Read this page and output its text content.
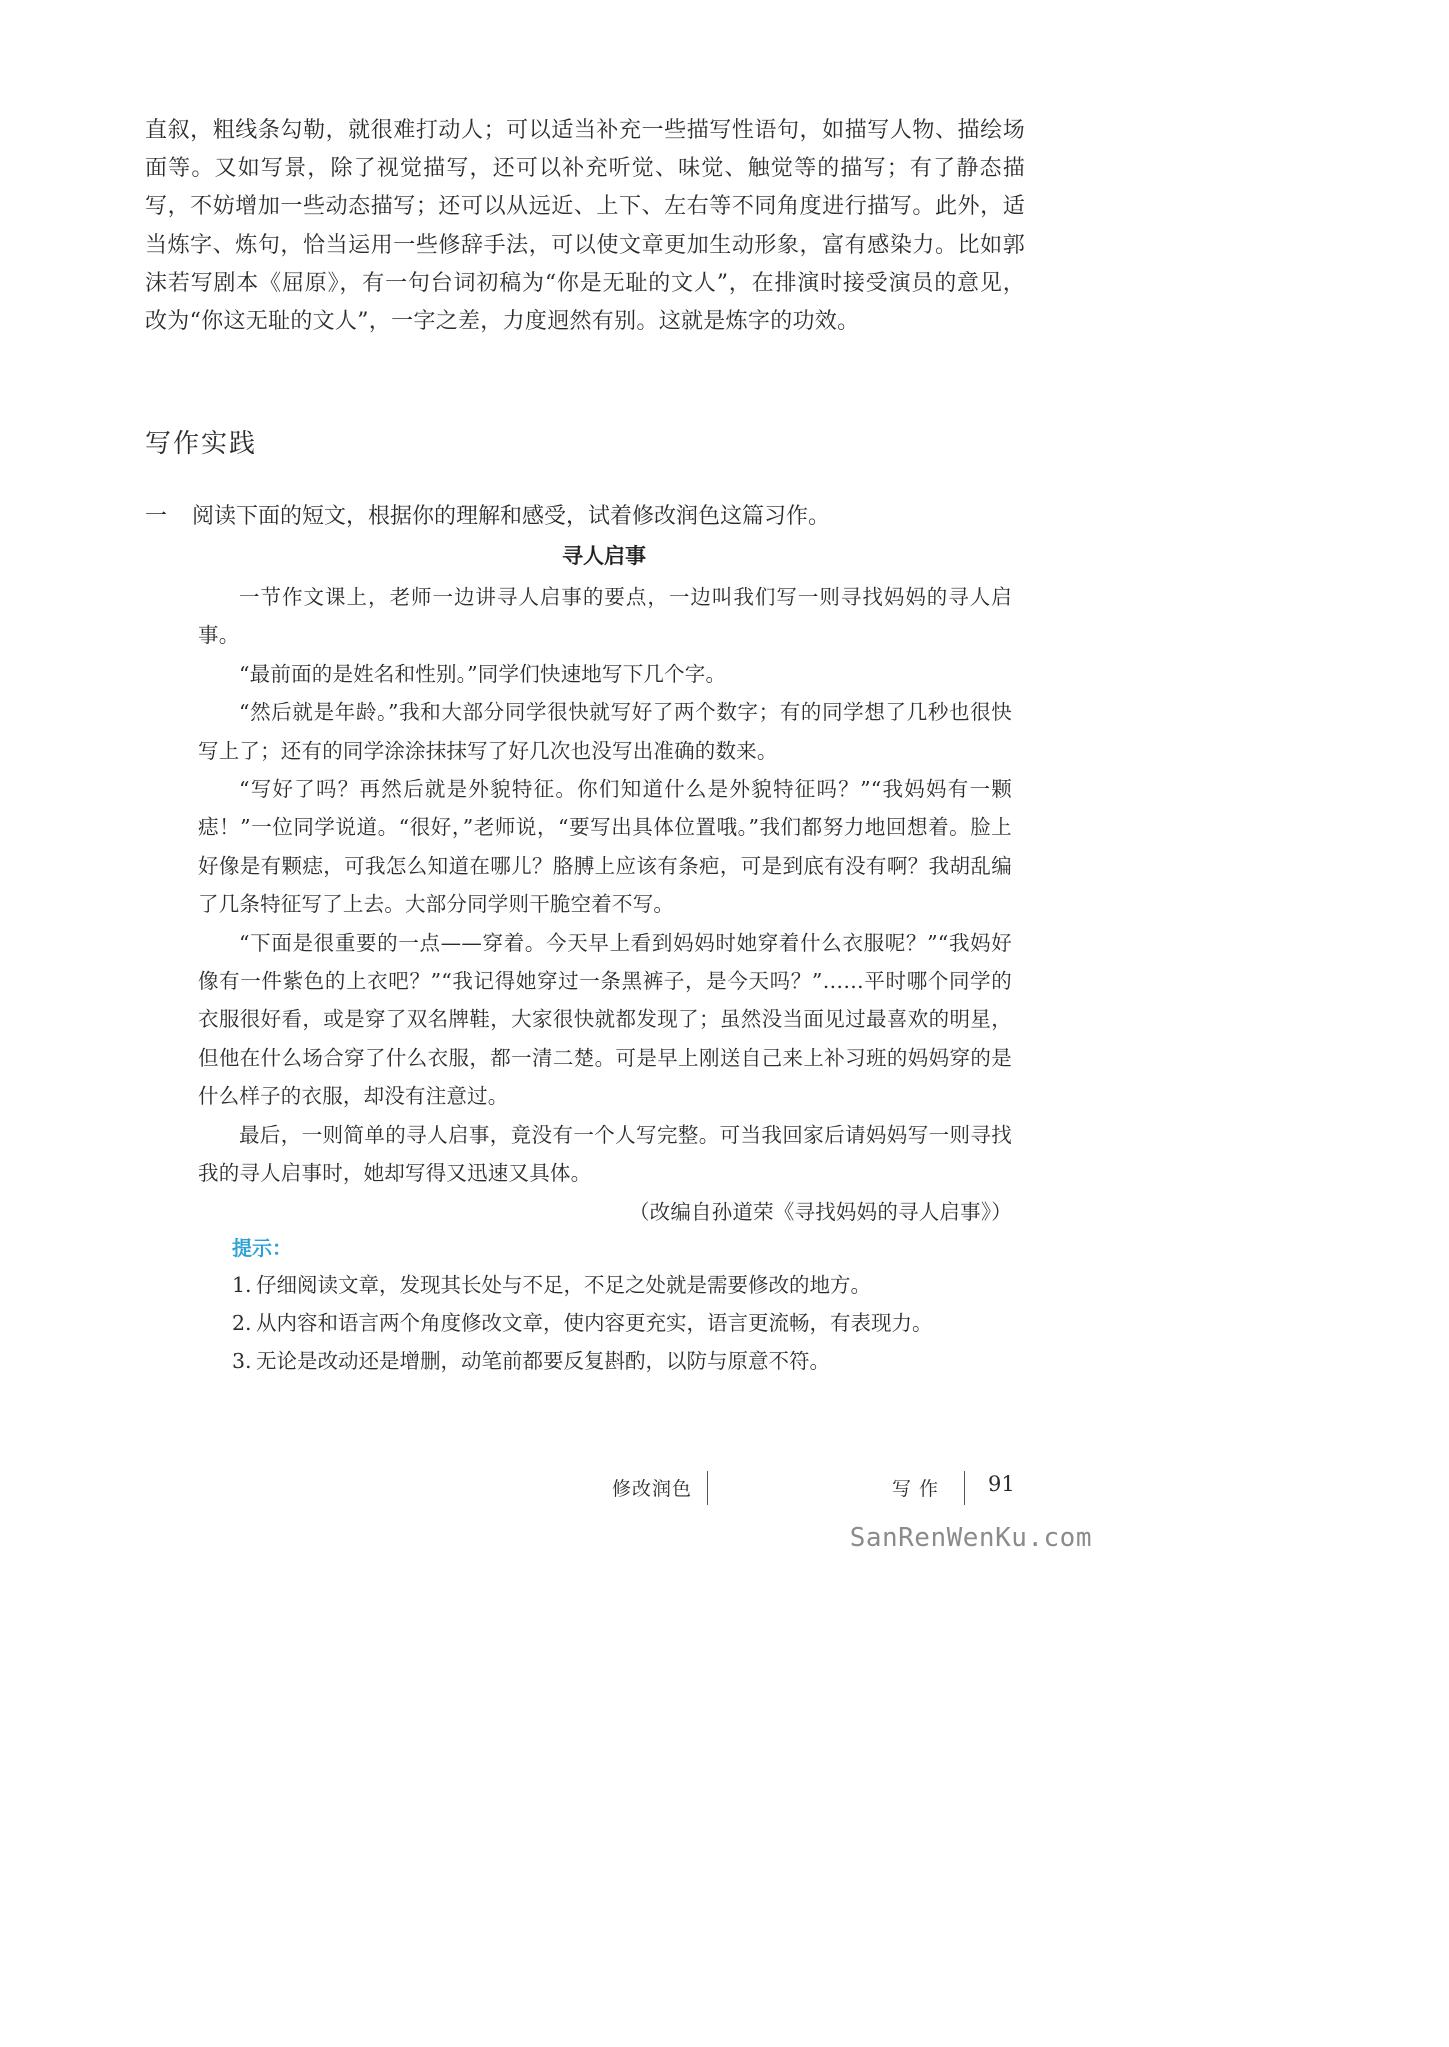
直叙，粗线条勾勒，就很难打动人；可以适当补充一些描写性语句，如描写人物、描绘场面等。又如写景，除了视觉描写，还可以补充听觉、味觉、触觉等的描写；有了静态描写，不妨增加一些动态描写；还可以从远近、上下、左右等不同角度进行描写。此外，适当炼字、炼句，恰当运用一些修辞手法，可以使文章更加生动形象，富有感染力。比如郭沫若写剧本《屈原》，有一句台词初稿为“你是无耻的文人”，在排演时接受演员的意见，改为“你这无耻的文人”，一字之差，力度迥然有别。这就是炼字的功效。

写作实践
一 阅读下面的短文，根据你的理解和感受，试着修改润色这篇习作。
寻人启事

一节作文课上，老师一边讲寻人启事的要点，一边叫我们写一则寻找妈妈的寻人启事。

“最前面的是姓名和性别。”同学们快速地写下几个字。

“然后就是年龄。”我和大部分同学很快就写好了两个数字；有的同学想了几秒也很快写上了；还有的同学涂涂抹抹写了好几次也没写出准确的数来。

“写好了吗？再然后就是外貌特征。你们知道什么是外貌特征吗？”“我妈妈有一颗痣！”一位同学说道。“很好，”老师说，“要写出具体位置哦。”我们都努力地回想着。脸上好像是有颗痣，可我怎么知道在哪儿？胳膊上应该有条疤，可是到底有没有啊？我胡乱编了几条特征写了上去。大部分同学则干脆空着不写。

“下面是很重要的一点——穿着。今天早上看到妈妈时她穿着什么衣服呢？”“我妈好像有一件紫色的上衣吧？”“我记得她穿过一条黑裤子，是今天吗？”……平时哪个同学的衣服很好看，或是穿了双名牌鞋，大家很快就都发现了；虽然没当面见过最喜欢的明星，但他在什么场合穿了什么衣服，都一清二楚。可是早上刚送自己来上补习班的妈妈穿的是什么样子的衣服，却没有注意过。

最后，一则简单的寻人启事，竟没有一个人写完整。可当我回家后请妈妈写一则寻找我的寻人启事时，她却写得又迅速又具体。

（改编自孙道荣《寻找妈妈的寻人启事》）

提示：

1. 仔细阅读文章，发现其长处与不足，不足之处就是需要修改的地方。
2. 从内容和语言两个角度修改文章，使内容更充实，语言更流畅，有表现力。
3. 无论是改动还是增删，动笔前都要反复斟酌，以防与原意不符。
修改润色	写作 91
SanRenWenKu.com
